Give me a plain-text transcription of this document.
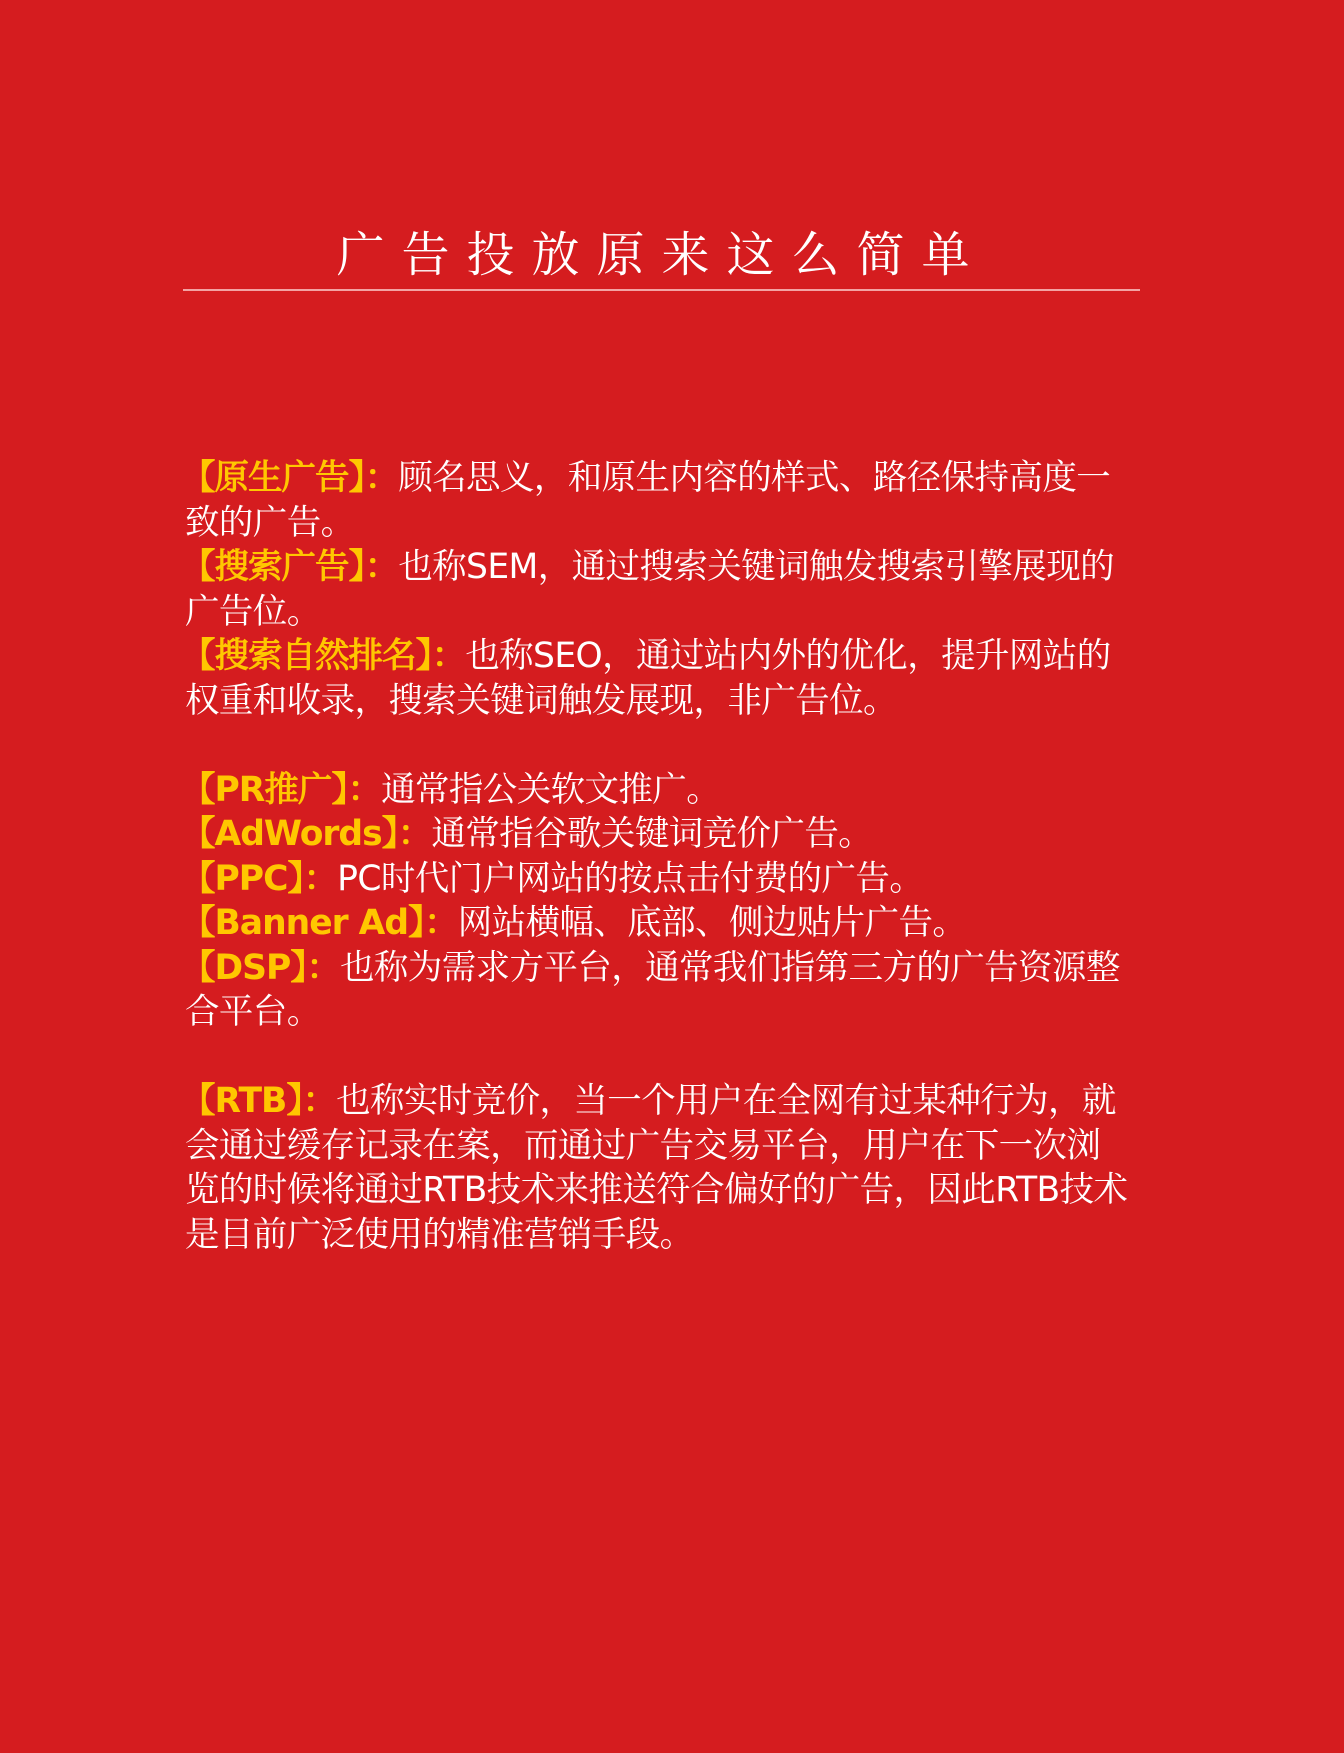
广告投放原来这么简单

【原生广告】：顾名思义，和原生内容的样式、路径保持高度一致的广告。

【搜索广告】：也称SEM，通过搜索关键词触发搜索引擎展现的广告位。

【搜索自然排名】：也称SEO，通过站内外的优化，提升网站的权重和收录，搜索关键词触发展现，非广告位。

【PR推广】：通常指公关软文推广。

【AdWords】：通常指谷歌关键词竞价广告。

【PPC】：PC时代门户网站的按点击付费的广告。

【Banner Ad】：网站横幅、底部、侧边贴片广告。

【DSP】：也称为需求方平台，通常我们指第三方的广告资源整合平台。

【RTB】：也称实时竞价，当一个用户在全网有过某种行为，就会通过缓存记录在案，而通过广告交易平台，用户在下一次浏览的时候将通过RTB技术来推送符合偏好的广告，因此RTB技术是目前广泛使用的精准营销手段。
